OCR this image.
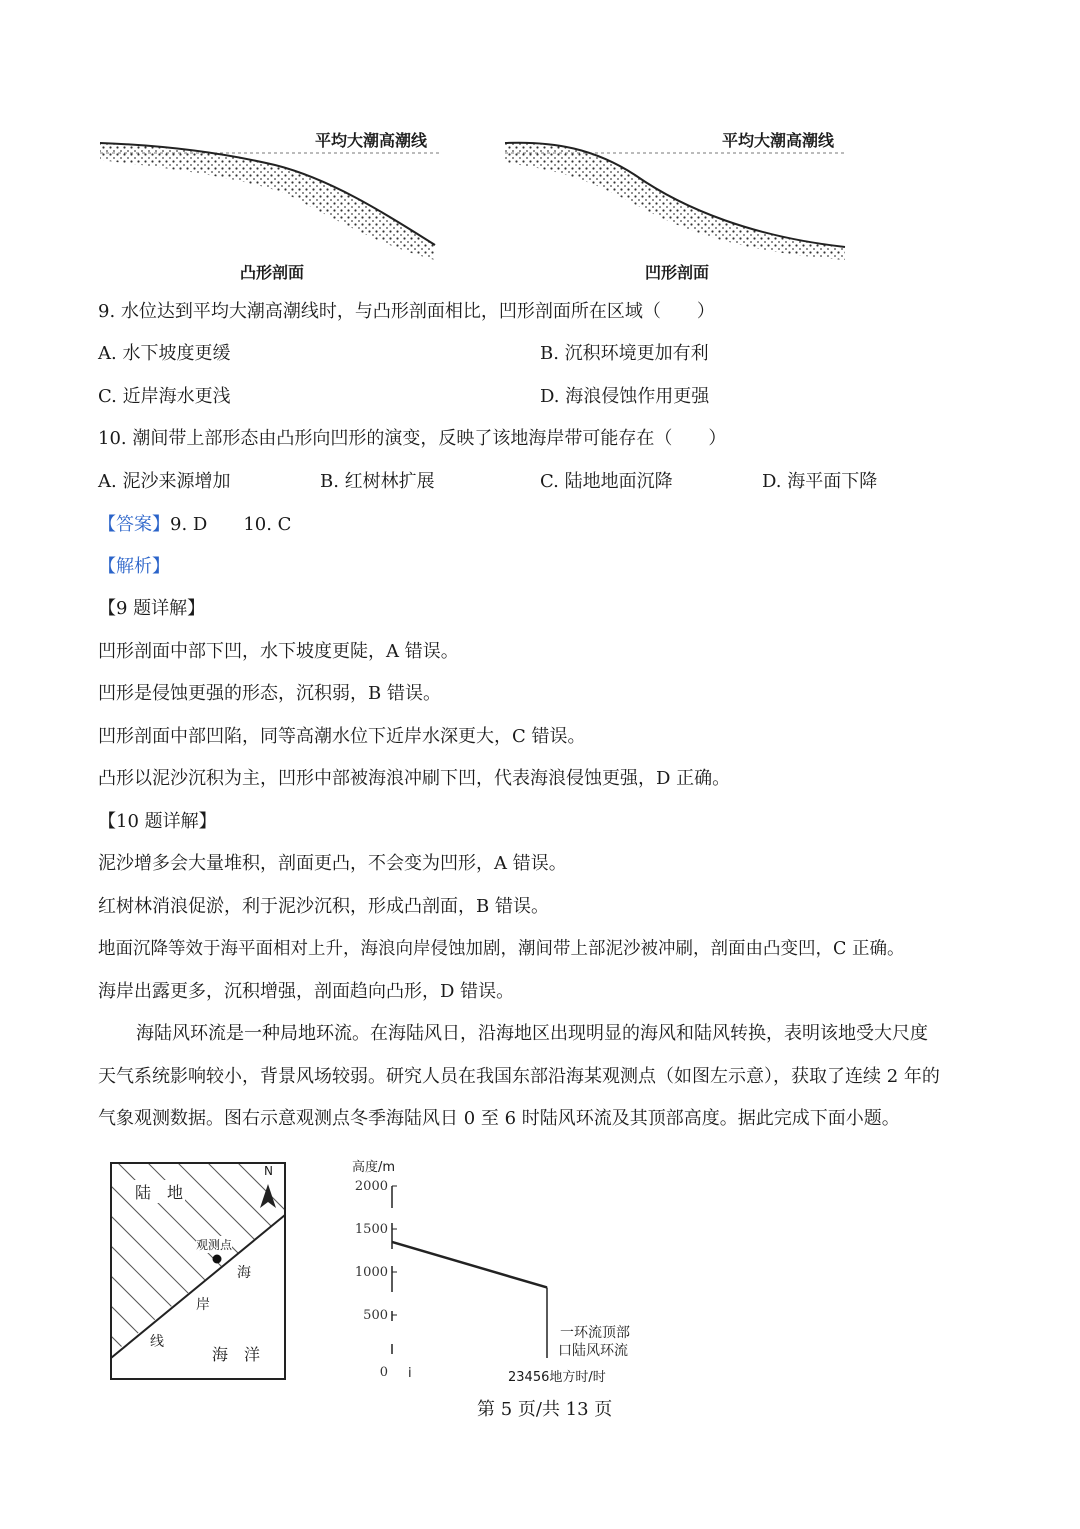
平均大潮高潮线
凸形剖面
平均大潮高潮线
凹形剖面
9. 水位达到平均大潮高潮线时，与凸形剖面相比，凹形剖面所在区域（　　）
A. 水下坡度更缓	B. 沉积环境更加有利
C. 近岸海水更浅	D. 海浪侵蚀作用更强
10. 潮间带上部形态由凸形向凹形的演变，反映了该地海岸带可能存在（　　）
A. 泥沙来源增加	B. 红树林扩展	C. 陆地地面沉降	D. 海平面下降
【答案】9. D　　10. C
【解析】
【9 题详解】
凹形剖面中部下凹，水下坡度更陡，A 错误。
凹形是侵蚀更强的形态，沉积弱，B 错误。
凹形剖面中部凹陷，同等高潮水位下近岸水深更大，C 错误。
凸形以泥沙沉积为主，凹形中部被海浪冲刷下凹，代表海浪侵蚀更强，D 正确。
【10 题详解】
泥沙增多会大量堆积，剖面更凸，不会变为凹形，A 错误。
红树林消浪促淤，利于泥沙沉积，形成凸剖面，B 错误。
地面沉降等效于海平面相对上升，海浪向岸侵蚀加剧，潮间带上部泥沙被冲刷，剖面由凸变凹，C 正确。
海岸出露更多，沉积增强，剖面趋向凸形，D 错误。
海陆风环流是一种局地环流。在海陆风日，沿海地区出现明显的海风和陆风转换，表明该地受大尺度
天气系统影响较小，背景风场较弱。研究人员在我国东部沿海某观测点（如图左示意），获取了连续 2 年的
气象观测数据。图右示意观测点冬季海陆风日 0 至 6 时陆风环流及其顶部高度。据此完成下面小题。
陆　地
N
观测点
海
岸
线
海　洋
2000
1500
1000
500
0
高度/m
23456地方时/时
i
一环流顶部
口陆风环流
第 5 页/共 13 页
